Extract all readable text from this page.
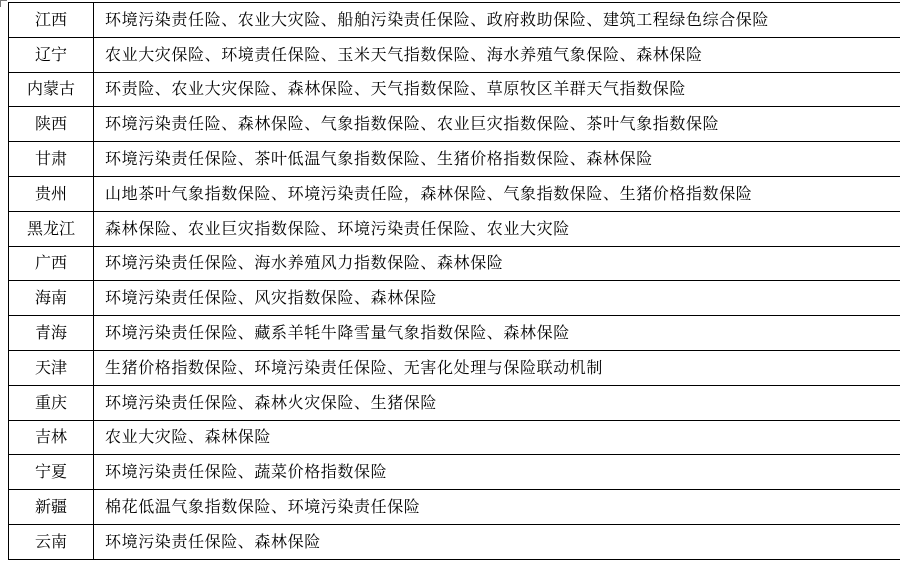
江西	环境污染责任险、农业大灾险、船舶污染责任保险、政府救助保险、建筑工程绿色综合保险
辽宁	农业大灾保险、环境责任保险、玉米天气指数保险、海水养殖气象保险、森林保险
内蒙古	环责险、农业大灾保险、森林保险、天气指数保险、草原牧区羊群天气指数保险
陕西	环境污染责任险、森林保险、气象指数保险、农业巨灾指数保险、茶叶气象指数保险
甘肃	环境污染责任保险、茶叶低温气象指数保险、生猪价格指数保险、森林保险
贵州	山地茶叶气象指数保险、环境污染责任险，森林保险、气象指数保险、生猪价格指数保险
黑龙江	森林保险、农业巨灾指数保险、环境污染责任保险、农业大灾险
广西	环境污染责任保险、海水养殖风力指数保险、森林保险
海南	环境污染责任保险、风灾指数保险、森林保险
青海	环境污染责任保险、藏系羊牦牛降雪量气象指数保险、森林保险
天津	生猪价格指数保险、环境污染责任保险、无害化处理与保险联动机制
重庆	环境污染责任保险、森林火灾保险、生猪保险
吉林	农业大灾险、森林保险
宁夏	环境污染责任保险、蔬菜价格指数保险
新疆	棉花低温气象指数保险、环境污染责任保险
云南	环境污染责任保险、森林保险
